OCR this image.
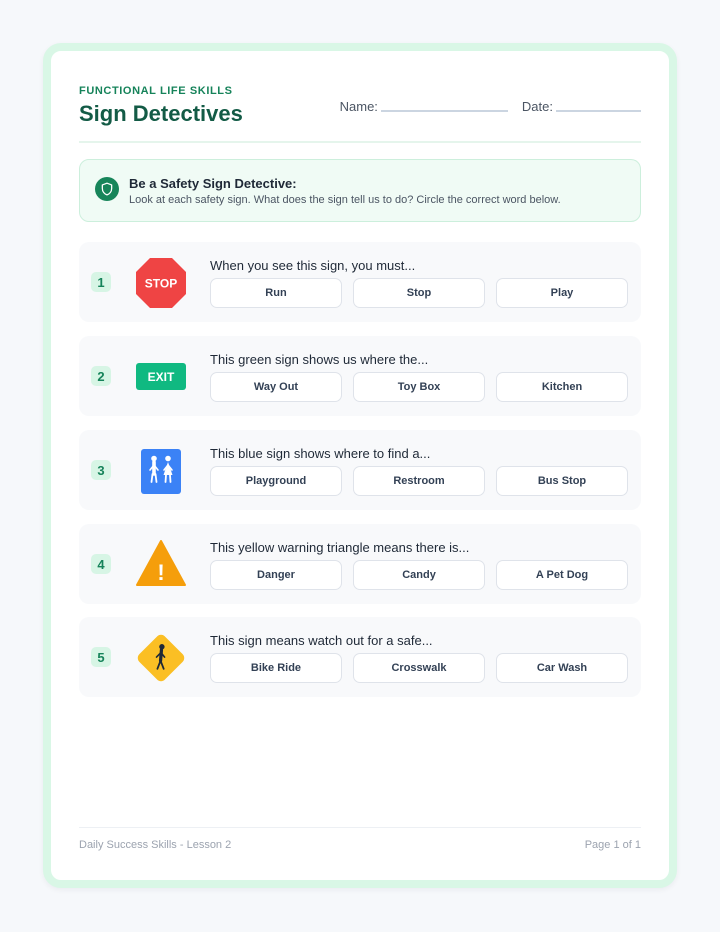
FUNCTIONAL LIFE SKILLS
Sign Detectives	Name:	Date:
Be a Safety Sign Detective:
Look at each safety sign. What does the sign tell us to do? Circle the correct word below.
1	STOP
When you see this sign, you must...
Run	Stop	Play
2	EXIT
This green sign shows us where the...
Way Out	Toy Box	Kitchen
3
This blue sign shows where to find a...
Playground	Restroom	Bus Stop
4 !
This yellow warning triangle means there is...
Danger	Candy	A Pet Dog
5
This sign means watch out for a safe...
Bike Ride	Crosswalk	Car Wash
Daily Success Skills - Lesson 2	Page 1 of 1
